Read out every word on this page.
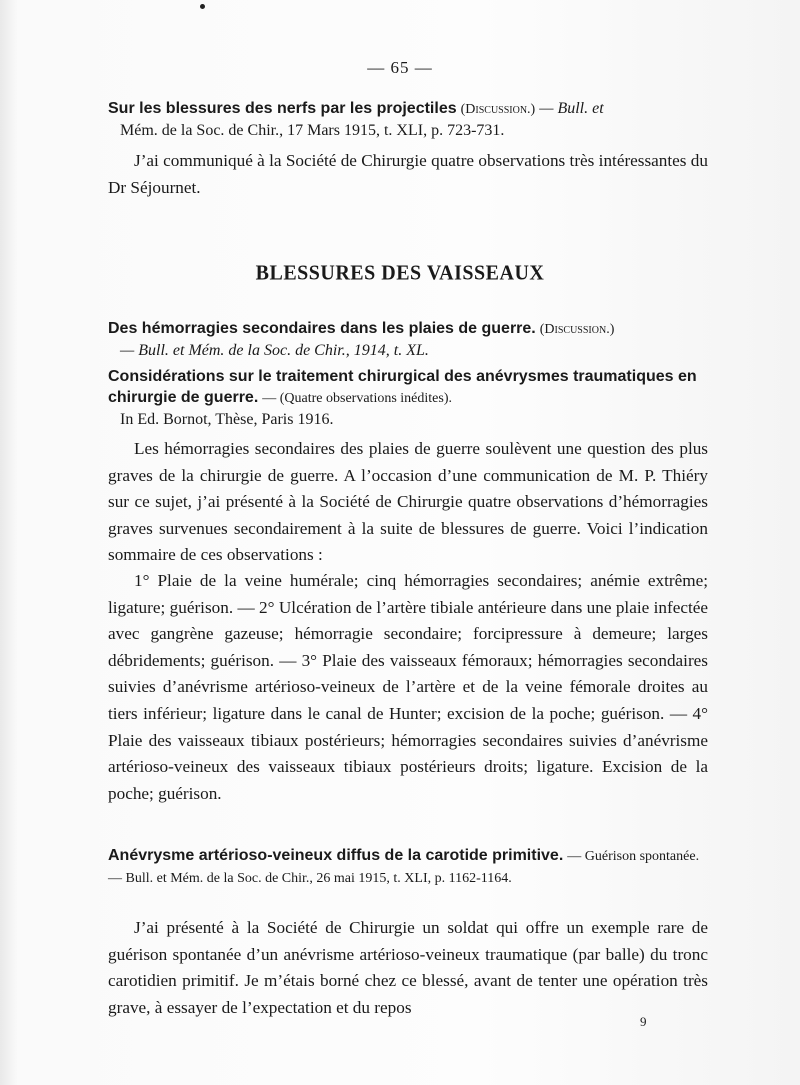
— 65 —
Sur les blessures des nerfs par les projectiles (Discussion.) — Bull. et
Mém. de la Soc. de Chir., 17 Mars 1915, t. XLI, p. 723-731.
J’ai communiqué à la Société de Chirurgie quatre observations très intéressantes du Dr Séjournet.
BLESSURES DES VAISSEAUX
Des hémorragies secondaires dans les plaies de guerre. (Discussion.)
— Bull. et Mém. de la Soc. de Chir., 1914, t. XL.
Considérations sur le traitement chirurgical des anévrysmes traumatiques en chirurgie de guerre. — (Quatre observations inédites).
In Ed. Bornot, Thèse, Paris 1916.
Les hémorragies secondaires des plaies de guerre soulèvent une question des plus graves de la chirurgie de guerre. A l’occasion d’une communication de M. P. Thiéry sur ce sujet, j’ai présenté à la Société de Chirurgie quatre observations d’hémorragies graves survenues secondairement à la suite de blessures de guerre. Voici l’indication sommaire de ces observations :
1° Plaie de la veine humérale; cinq hémorragies secondaires; anémie extrême; ligature; guérison. — 2° Ulcération de l’artère tibiale antérieure dans une plaie infectée avec gangrène gazeuse; hémorragie secondaire; forcipressure à demeure; larges débridements; guérison. — 3° Plaie des vaisseaux fémoraux; hémorragies secondaires suivies d’anévrisme artérioso-veineux de l’artère et de la veine fémorale droites au tiers inférieur; ligature dans le canal de Hunter; excision de la poche; guérison. — 4° Plaie des vaisseaux tibiaux postérieurs; hémorragies secondaires suivies d’anévrisme artérioso-veineux des vaisseaux tibiaux postérieurs droits; ligature. Excision de la poche; guérison.
Anévrysme artérioso-veineux diffus de la carotide primitive. — Guérison spontanée. — Bull. et Mém. de la Soc. de Chir., 26 mai 1915, t. XLI, p. 1162-1164.
J’ai présenté à la Société de Chirurgie un soldat qui offre un exemple rare de guérison spontanée d’un anévrisme artérioso-veineux traumatique (par balle) du tronc carotidien primitif. Je m’étais borné chez ce blessé, avant de tenter une opération très grave, à essayer de l’expectation et du repos
9
